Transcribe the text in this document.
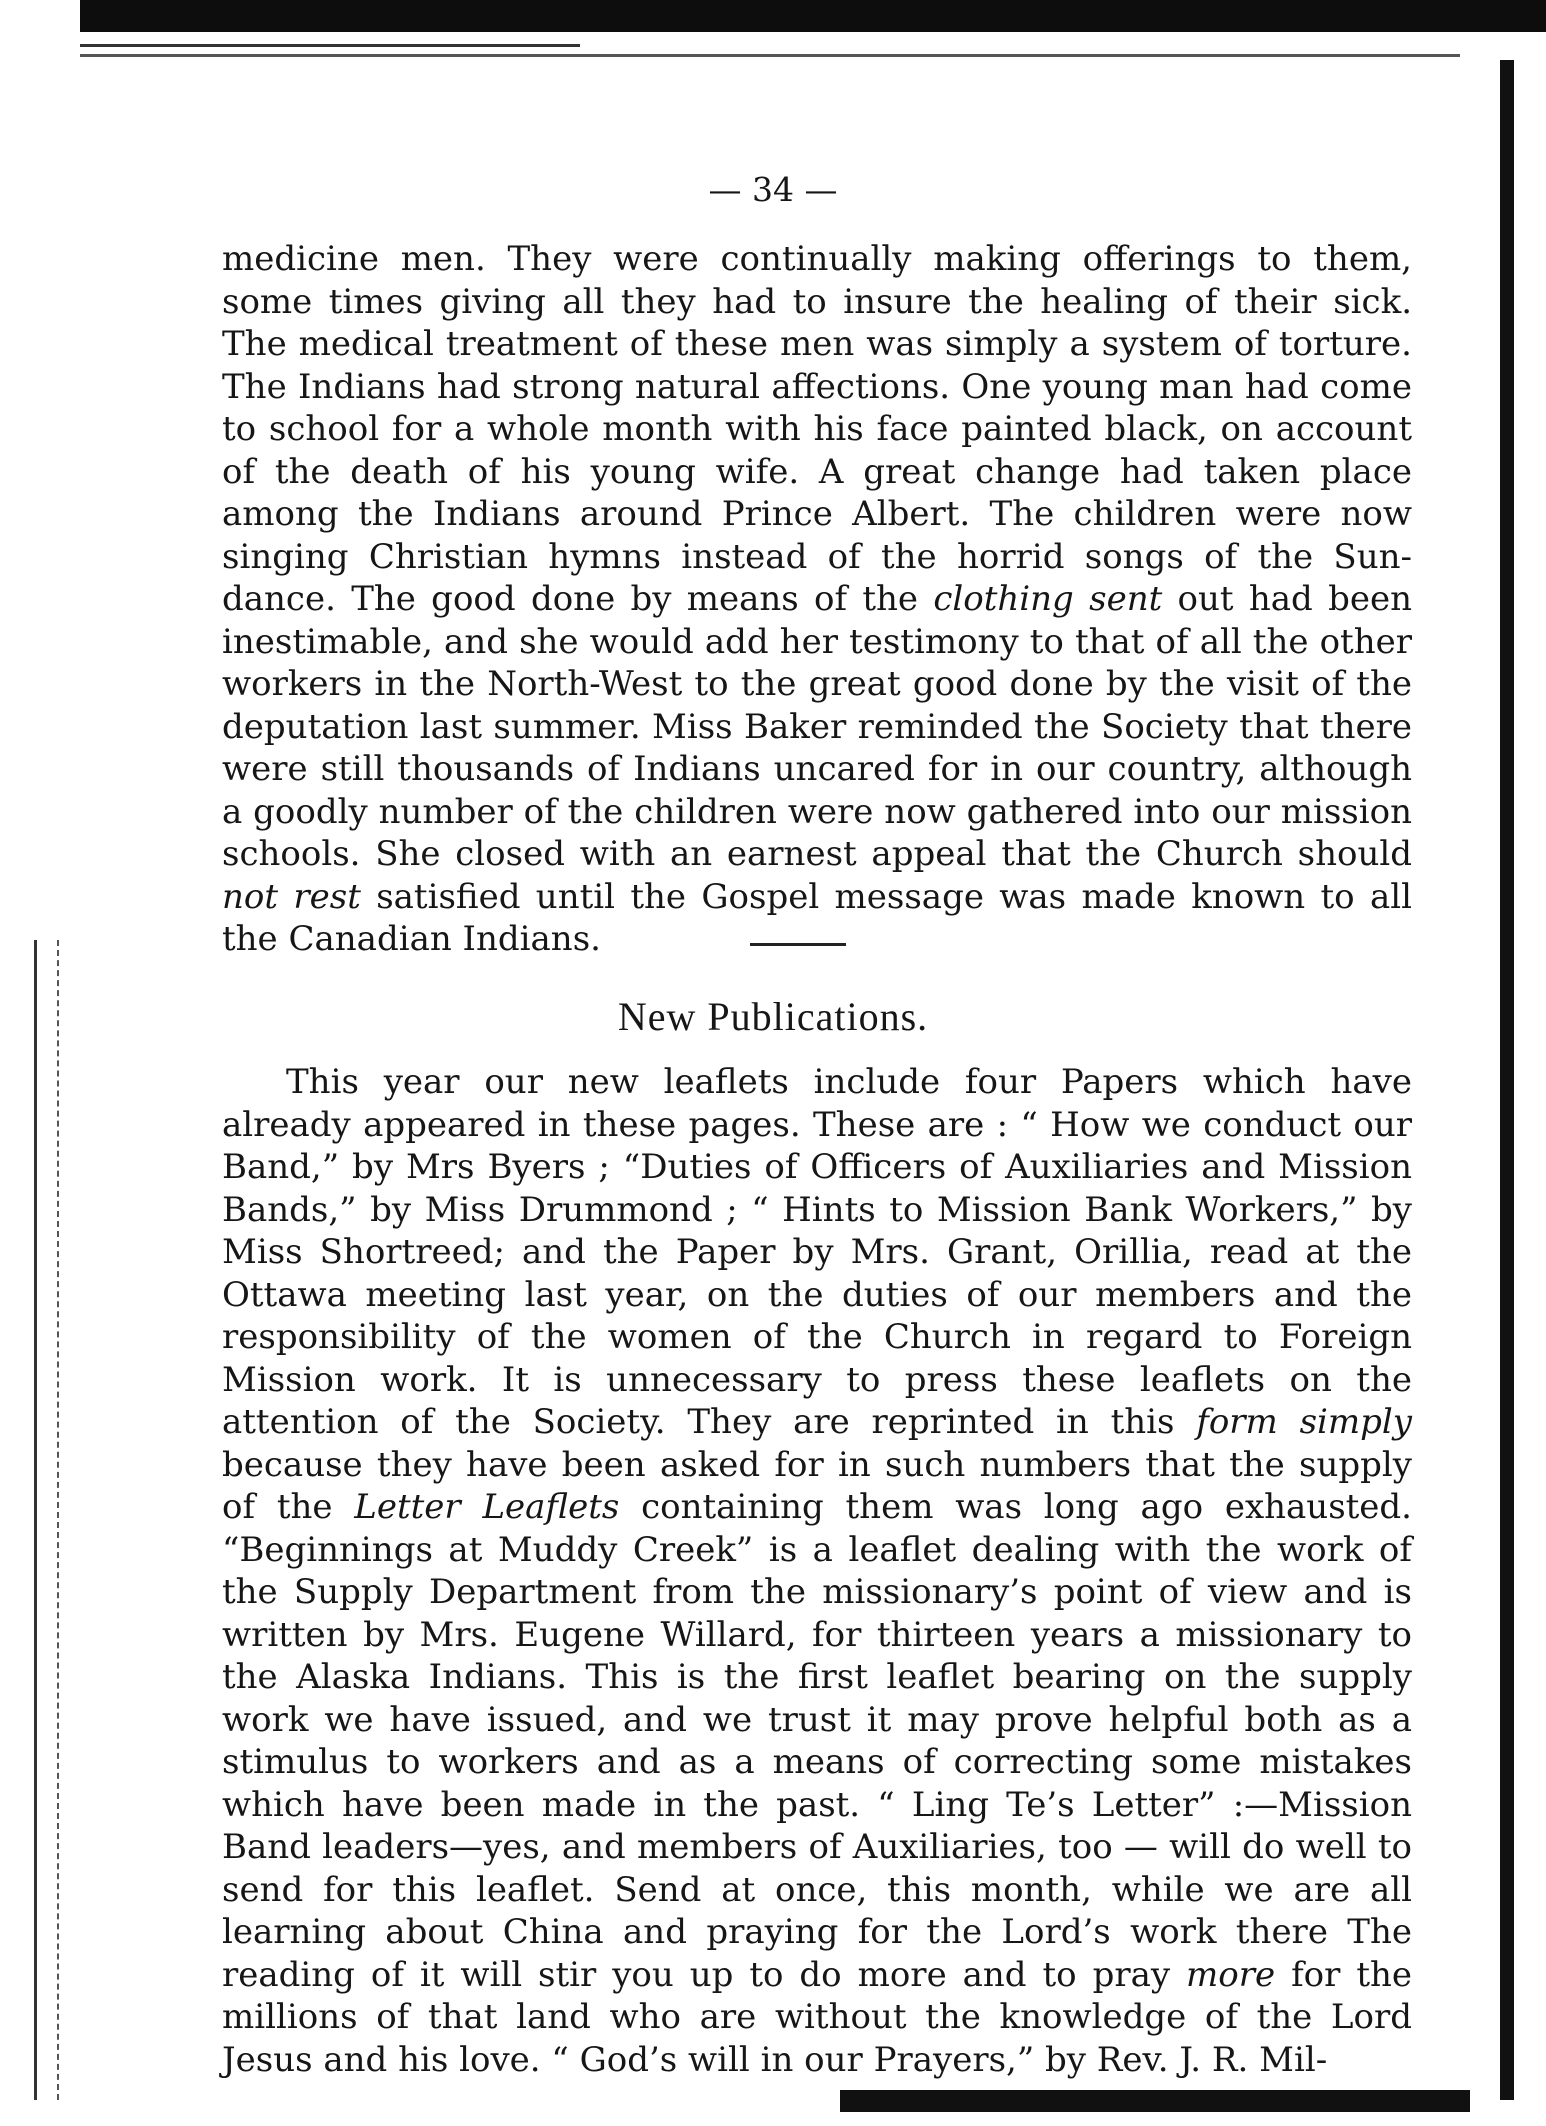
— 34 —

medicine men. They were continually making offerings to them, some times giving all they had to insure the healing of their sick. The medical treatment of these men was simply a system of torture. The Indians had strong natural affections. One young man had come to school for a whole month with his face painted black, on account of the death of his young wife. A great change had taken place among the Indians around Prince Albert. The children were now singing Christian hymns instead of the horrid songs of the Sun-dance. The good done by means of the clothing sent out had been inestimable, and she would add her testimony to that of all the other workers in the North-West to the great good done by the visit of the deputation last summer. Miss Baker reminded the Society that there were still thousands of Indians uncared for in our country, although a goodly number of the children were now gathered into our mission schools. She closed with an earnest appeal that the Church should not rest satisfied until the Gospel message was made known to all the Canadian Indians.

New Publications.

This year our new leaflets include four Papers which have already appeared in these pages. These are : “ How we conduct our Band,” by Mrs Byers ; “Duties of Officers of Auxiliaries and Mission Bands,” by Miss Drummond ; “ Hints to Mission Bank Workers,” by Miss Shortreed; and the Paper by Mrs. Grant, Orillia, read at the Ottawa meeting last year, on the duties of our members and the responsibility of the women of the Church in regard to Foreign Mission work. It is unnecessary to press these leaflets on the attention of the Society. They are reprinted in this form simply because they have been asked for in such numbers that the supply of the Letter Leaflets containing them was long ago exhausted. “Beginnings at Muddy Creek” is a leaflet dealing with the work of the Supply Department from the missionary’s point of view and is written by Mrs. Eugene Willard, for thirteen years a missionary to the Alaska Indians. This is the first leaflet bearing on the supply work we have issued, and we trust it may prove helpful both as a stimulus to workers and as a means of correcting some mistakes which have been made in the past. “ Ling Te’s Letter” :—Mission Band leaders—yes, and members of Auxiliaries, too — will do well to send for this leaflet. Send at once, this month, while we are all learning about China and praying for the Lord’s work there The reading of it will stir you up to do more and to pray more for the millions of that land who are without the knowledge of the Lord Jesus and his love. “ God’s will in our Prayers,” by Rev. J. R. Mil-
